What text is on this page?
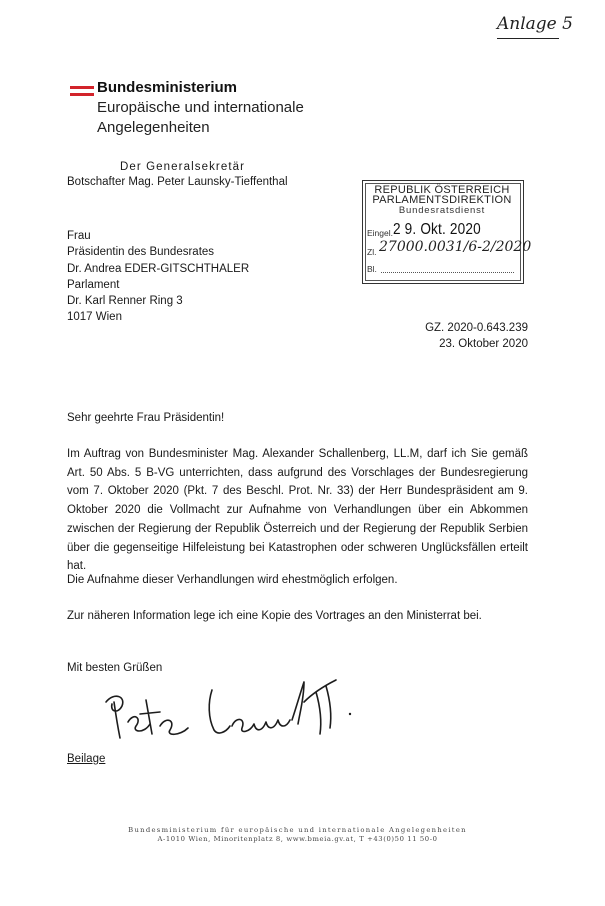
Anlage 5
Bundesministerium
Europäische und internationale
Angelegenheiten
Der Generalsekretär
Botschafter Mag. Peter Launsky-Tieffenthal
REPUBLIK ÖSTERREICH
PARLAMENTSDIREKTION
Bundesratsdienst
Eingel. 2 9. Okt. 2020
Zl. 27000.0031/6-2/2020
Bl.
Frau
Präsidentin des Bundesrates
Dr. Andrea EDER-GITSCHTHALER
Parlament
Dr. Karl Renner Ring 3
1017 Wien
GZ. 2020-0.643.239
23. Oktober 2020
Sehr geehrte Frau Präsidentin!
Im Auftrag von Bundesminister Mag. Alexander Schallenberg, LL.M, darf ich Sie gemäß Art. 50 Abs. 5 B-VG unterrichten, dass aufgrund des Vorschlages der Bundesregierung vom 7. Oktober 2020 (Pkt. 7 des Beschl. Prot. Nr. 33) der Herr Bundespräsident am 9. Oktober 2020 die Vollmacht zur Aufnahme von Verhandlungen über ein Abkommen zwischen der Regierung der Republik Österreich und der Regierung der Republik Serbien über die gegenseitige Hilfeleistung bei Katastrophen oder schweren Unglücksfällen erteilt hat.
Die Aufnahme dieser Verhandlungen wird ehestmöglich erfolgen.
Zur näheren Information lege ich eine Kopie des Vortrages an den Ministerrat bei.
Mit besten Grüßen
Beilage
Bundesministerium für europäische und internationale Angelegenheiten
A-1010 Wien, Minoritenplatz 8, www.bmeia.gv.at, T +43(0)50 11 50-0
